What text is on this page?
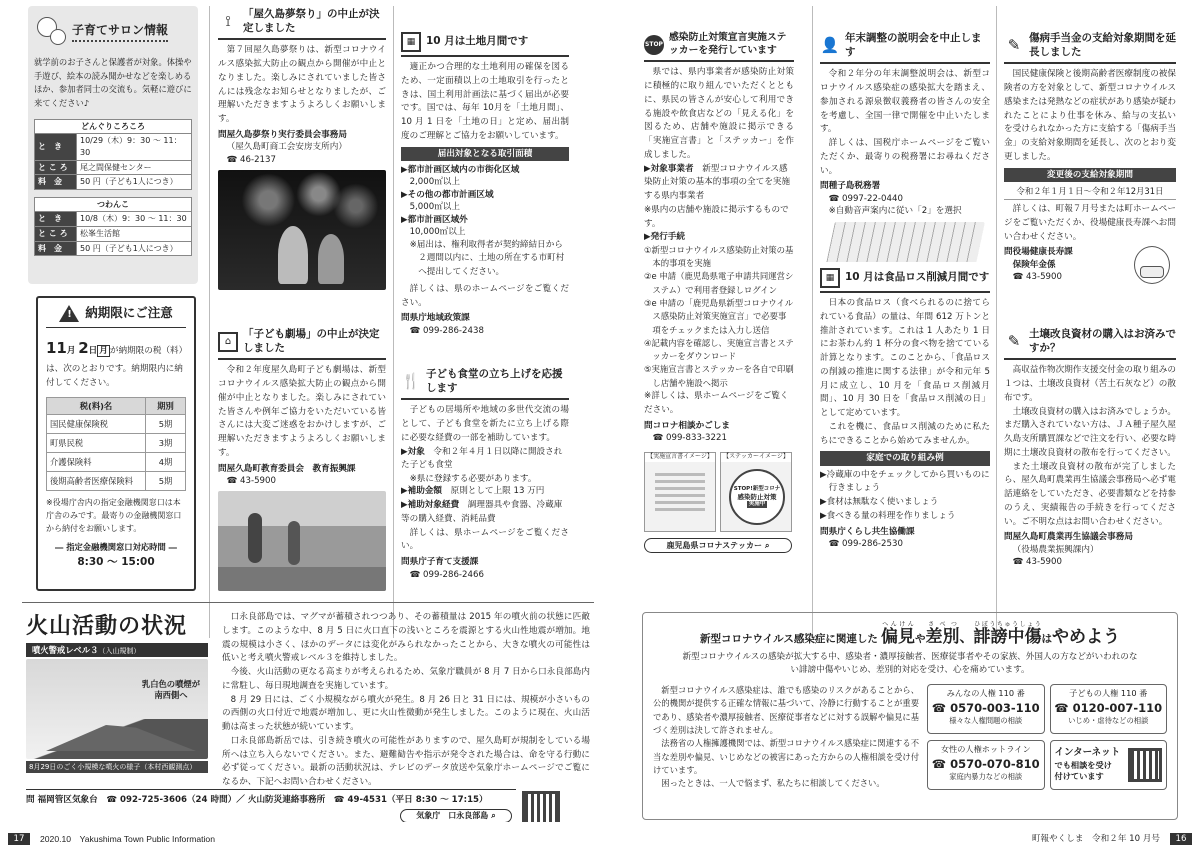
子育てサロン情報
就学前のお子さんと保護者が対象。体操や手遊び、絵本の読み聞かせなどを楽しめるほか、参加者同士の交流も。気軽に遊びに来てください♪
どんぐりころころ	
と　き	10/29（木）9：30 ～ 11：30
と こ ろ	尾之間保健センター
料　金	50 円（子ども1人につき）
つわんこ	
と　き	10/8（木）9：30 ～ 11：30
と こ ろ	松峯生活館
料　金	50 円（子ども1人につき）
! 納期限にご注意
11月 2日 月 が納期限の税（料）は、次のとおりです。納期限内に納付してください。
税(料)名	期別
国民健康保険税	5期
町県民税	3期
介護保険料	4期
後期高齢者医療保険料	5期
※役場庁舎内の指定金融機関窓口は本庁舎のみです。最寄りの金融機関窓口から納付をお願いします。
― 指定金融機関窓口対応時間 ―
8:30 ～ 15:00
⟟	「屋久島夢祭り」の中止が決定しました
第７回屋久島夢祭りは、新型コロナウイルス感染拡大防止の観点から開催が中止となりました。楽しみにされていました皆さんには残念なお知らせとなりましたが、ご理解いただきますようよろしくお願いします。
問屋久島夢祭り実行委員会事務局
（屋久島町商工会安房支所内）
☎ 46-2137
⌂
「子ども劇場」の中止が決定しました
令和２年度屋久島町子ども劇場は、新型コロナウイルス感染拡大防止の観点から開催が中止となりました。楽しみにされていた皆さんや例年ご協力をいただいている皆さんには大変ご迷惑をおかけしますが、ご理解いただきますようよろしくお願いします。
問屋久島町教育委員会　教育振興課
☎ 43-5900
▦	10 月は土地月間です
適正かつ合理的な土地利用の確保を図るため、一定面積以上の土地取引を行ったときは、国土利用計画法に基づく届出が必要です。国では、毎年 10月を「土地月間」、10 月 1 日を「土地の日」と定め、届出制度のご理解とご協力をお願いしています。
届出対象となる取引面積
▶都市計画区域内の市街化区域
2,000㎡以上
▶その他の都市計画区域
5,000㎡以上
▶都市計画区域外
10,000㎡以上
※届出は、権利取得者が契約締結日から２週間以内に、土地の所在する市町村へ提出してください。
詳しくは、県のホームページをご覧ください。
問県庁地域政策課
☎ 099-286-2438
🍴 子ども食堂の立ち上げを応援します
子どもの居場所や地域の多世代交流の場として、子ども食堂を新たに立ち上げる際に必要な経費の一部を補助しています。
▶対象　 令和２年４月１日以降に開設された子ども食堂
※県に登録する必要があります。
▶補助金額　 原則として上限 13 万円
▶補助対象経費　 調理器具や食器、冷蔵庫等の購入経費、消耗品費
詳しくは、県ホームページをご覧ください。
問県庁子育て支援課
☎ 099-286-2466
火山活動の状況
噴火警戒レベル３（入山規制）
乳白色の噴煙が
南西側へ
8月29日のごく小規模な噴火の様子（本村西観測点）
口永良部島では、マグマが蓄積されつつあり、その蓄積量は 2015 年の噴火前の状態に匹敵します。このような中、8 月 5 日に火口直下の浅いところを震源とする火山性地震が増加。地震の規模は小さく、ほかのデータには変化がみられなかったことから、大きな噴火の可能性は低いと考え噴火警戒レベル３を維持しました。
今後、火山活動の更なる高まりが考えられるため、気象庁職員が 8 月 7 日から口永良部島内に常駐し、毎日現地調査を実施しています。
8 月 29 日には、ごく小規模ながら噴火が発生。8 月 26 日と 31 日には、規模が小さいものの西側の火口付近で地震が増加し、更に火山性微動が発生しました。このように現在、火山活動は高まった状態が続いています。
口永良部島新岳では、引き続き噴火の可能性がありますので、屋久島町が規制をしている場所へは立ち入らないでください。また、避難勧告や指示が発令された場合は、命を守る行動に必ず従ってください。最新の活動状況は、テレビのデータ放送や気象庁ホームページでご覧になるか、下記へお問い合わせください。
問 福岡管区気象台　☎ 092-725-3606（24 時間）／ 火山防災連絡事務所　☎ 49-4531（平日 8:30 ～ 17:15）
気象庁　口永良部島 ⌕
17	2020.10　Yakushima Town Public Information
STOP
感染防止対策宣言実施ステッカーを発行しています
県では、県内事業者が感染防止対策に積極的に取り組んでいただくとともに、県民の皆さんが安心して利用できる施設や飲食店などの「見える化」を図るため、店舗や施設に掲示できる「実施宣言書」と「ステッカー」を作成しました。
▶対象事業者　 新型コロナウイルス感染防止対策の基本的事項の全てを実施する県内事業者
※県内の店舗や施設に掲示するものです。
▶発行手続
①新型コロナウイルス感染防止対策の基本的事項を実施
②e 申請（鹿児島県電子申請共同運営システム）で利用者登録しログイン
③e 申請の「鹿児島県新型コロナウイルス感染防止対策実施宣言」で必要事項をチェックまたは入力し送信
④記載内容を確認し、実施宣言書とステッカーをダウンロード
⑤実施宣言書とステッカーを各自で印刷し店舗や施設へ掲示
※詳しくは、県ホームページをご覧ください。
問コロナ相談かごしま
☎ 099-833-3221
【実施宣言書イメージ】	【ステッカーイメージ】
STOP!新型コロナ
感染防止対策
実施中
鹿児島県コロナステッカー ⌕
👤 年末調整の説明会を中止します
令和２年分の年末調整説明会は、新型コロナウイルス感染症の感染拡大を踏まえ、参加される源泉徴収義務者の皆さんの安全を考慮し、全国一律で開催を中止いたします。
詳しくは、国税庁ホームページをご覧いただくか、最寄りの税務署にお尋ねください。
問種子島税務署
☎ 0997-22-0440
※自動音声案内に従い「2」を選択
▦	10 月は食品ロス削減月間です
日本の食品ロス（食べられるのに捨てられている食品）の量は、年間 612 万トンと推計されています。これは 1 人あたり 1 日にお茶わん約 1 杯分の食べ物を捨てている計算となります。このことから、「食品ロスの削減の推進に関する法律」が令和元年 5 月に成立し、10 月を「食品ロス削減月間」、10 月 30 日を「食品ロス削減の日」として定めています。
これを機に、食品ロス削減のために私たちにできることから始めてみませんか。
家庭での取り組み例
▶冷蔵庫の中をチェックしてから買いものに行きましょう
▶食材は無駄なく使いましょう
▶食べきる量の料理を作りましょう
問県庁くらし共生協働課
☎ 099-286-2530
✎ 傷病手当金の支給対象期間を延長しました
国民健康保険と後期高齢者医療制度の被保険者の方を対象として、新型コロナウイルス感染または発熱などの症状があり感染が疑われたことにより仕事を休み、給与の支払いを受けられなかった方に支給する「傷病手当金」の支給対象期間を延長し、次のとおり変更しました。
変更後の支給対象期間
令和２年１月１日～令和２年12月31日
詳しくは、町報７月号または町ホームページをご覧いただくか、役場健康長寿課へお問い合わせください。
問役場健康長寿課
保険年金係
☎ 43-5900
✎ 土壌改良資材の購入はお済みですか？
高収益作物次期作支援交付金の取り組みの１つは、土壌改良資材（苦土石灰など）の散布です。
土壌改良資材の購入はお済みでしょうか。まだ購入されていない方は、ＪＡ種子屋久屋久島支所購買課などで注文を行い、必要な時期に土壌改良資材の散布を行ってください。
また土壌改良資材の散布が完了しましたら、屋久島町農業再生協議会事務局へ必ず電話連絡をしていただき、必要書類などを持参のうえ、実績報告の手続きを行ってください。ご不明な点はお問い合わせください。
問屋久島町農業再生協議会事務局
（役場農業振興課内）
☎ 43-5900
新型コロナウイルス感染症に関連した 偏見へんけんや差別さべつ、誹謗中傷ひぼうちゅうしょうはやめよう
新型コロナウイルスの感染が拡大する中、感染者・濃厚接触者、医療従事者やその家族、外国人の方などがいわれのない誹謗中傷やいじめ、差別的対応を受け、心を痛めています。
新型コロナウイルス感染症は、誰でも感染のリスクがあることから、公的機関が提供する正確な情報に基づいて、冷静に行動することが重要であり、感染者や濃厚接触者、医療従事者などに対する誤解や偏見に基づく差別は決して許されません。
法務省の人権擁護機関では、新型コロナウイルス感染症に関連する不当な差別や偏見、いじめなどの被害にあった方からの人権相談を受け付けています。
困ったときは、一人で悩まず、私たちに相談してください。
みんなの人権 110 番
☎ 0570-003-110
様々な人権問題の相談
子どもの人権 110 番
☎ 0120-007-110
いじめ・虐待などの相談
女性の人権ホットライン
☎ 0570-070-810
家庭内暴力などの相談
インターネット
でも相談を受け
付けています
町報やくしま　令和２年 10 月号	16
